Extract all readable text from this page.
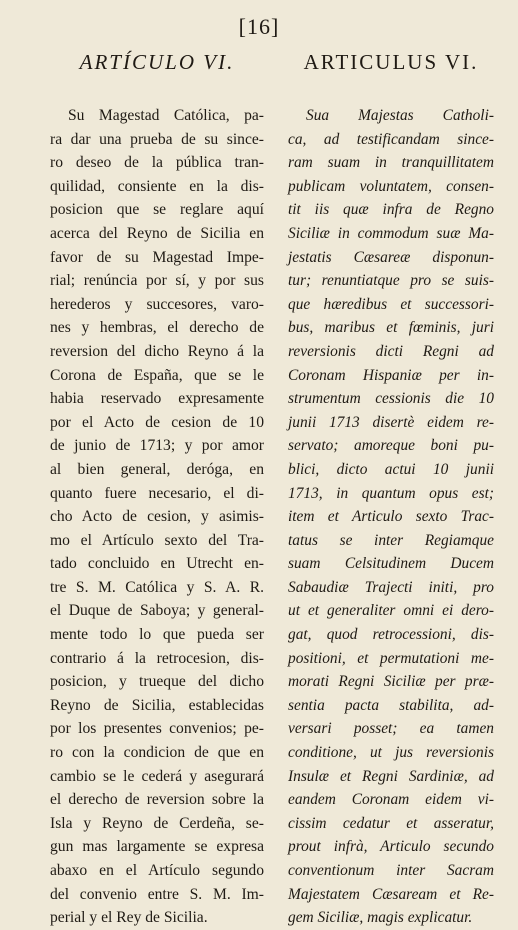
[16]
ARTÍCULO VI.
Su Magestad Católica, pa-
ra dar una prueba de su since-
ro deseo de la pública tran-
quilidad, consiente en la dis-
posicion que se reglare aquí
acerca del Reyno de Sicilia en
favor de su Magestad Impe-
rial; renúncia por sí, y por sus
herederos y succesores, varo-
nes y hembras, el derecho de
reversion del dicho Reyno á la
Corona de España, que se le
habia reservado expresamente
por el Acto de cesion de 10
de junio de 1713; y por amor
al bien general, deróga, en
quanto fuere necesario, el di-
cho Acto de cesion, y asimis-
mo el Artículo sexto del Tra-
tado concluido en Utrecht en-
tre S. M. Católica y S. A. R.
el Duque de Saboya; y general-
mente todo lo que pueda ser
contrario á la retrocesion, dis-
posicion, y trueque del dicho
Reyno de Sicilia, establecidas
por los presentes convenios; pe-
ro con la condicion de que en
cambio se le cederá y asegurará
el derecho de reversion sobre la
Isla y Reyno de Cerdeña, se-
gun mas largamente se expresa
abaxo en el Artículo segundo
del convenio entre S. M. Im-
perial y el Rey de Sicilia.
ARTICULUS VI.
Sua Majestas Catholi-
ca, ad testificandam since-
ram suam in tranquillitatem
publicam voluntatem, consen-
tit iis quæ infra de Regno
Siciliæ in commodum suæ Ma-
jestatis Cæsareæ disponun-
tur; renuntiatque pro se suis-
que hæredibus et successori-
bus, maribus et fœminis, juri
reversionis dicti Regni ad
Coronam Hispaniæ per in-
strumentum cessionis die 10
junii 1713 disertè eidem re-
servato; amoreque boni pu-
blici, dicto actui 10 junii
1713, in quantum opus est;
item et Articulo sexto Trac-
tatus se inter Regiamque
suam Celsitudinem Ducem
Sabaudiæ Trajecti initi, pro
ut et generaliter omni ei dero-
gat, quod retrocessioni, dis-
positioni, et permutationi me-
morati Regni Siciliæ per præ-
sentia pacta stabilita, ad-
versari posset; ea tamen
conditione, ut jus reversionis
Insulæ et Regni Sardiniæ, ad
eandem Coronam eidem vi-
cissim cedatur et asseratur,
prout infrà, Articulo secundo
conventionum inter Sacram
Majestatem Cæsaream et Re-
gem Siciliæ, magis explicatur.
